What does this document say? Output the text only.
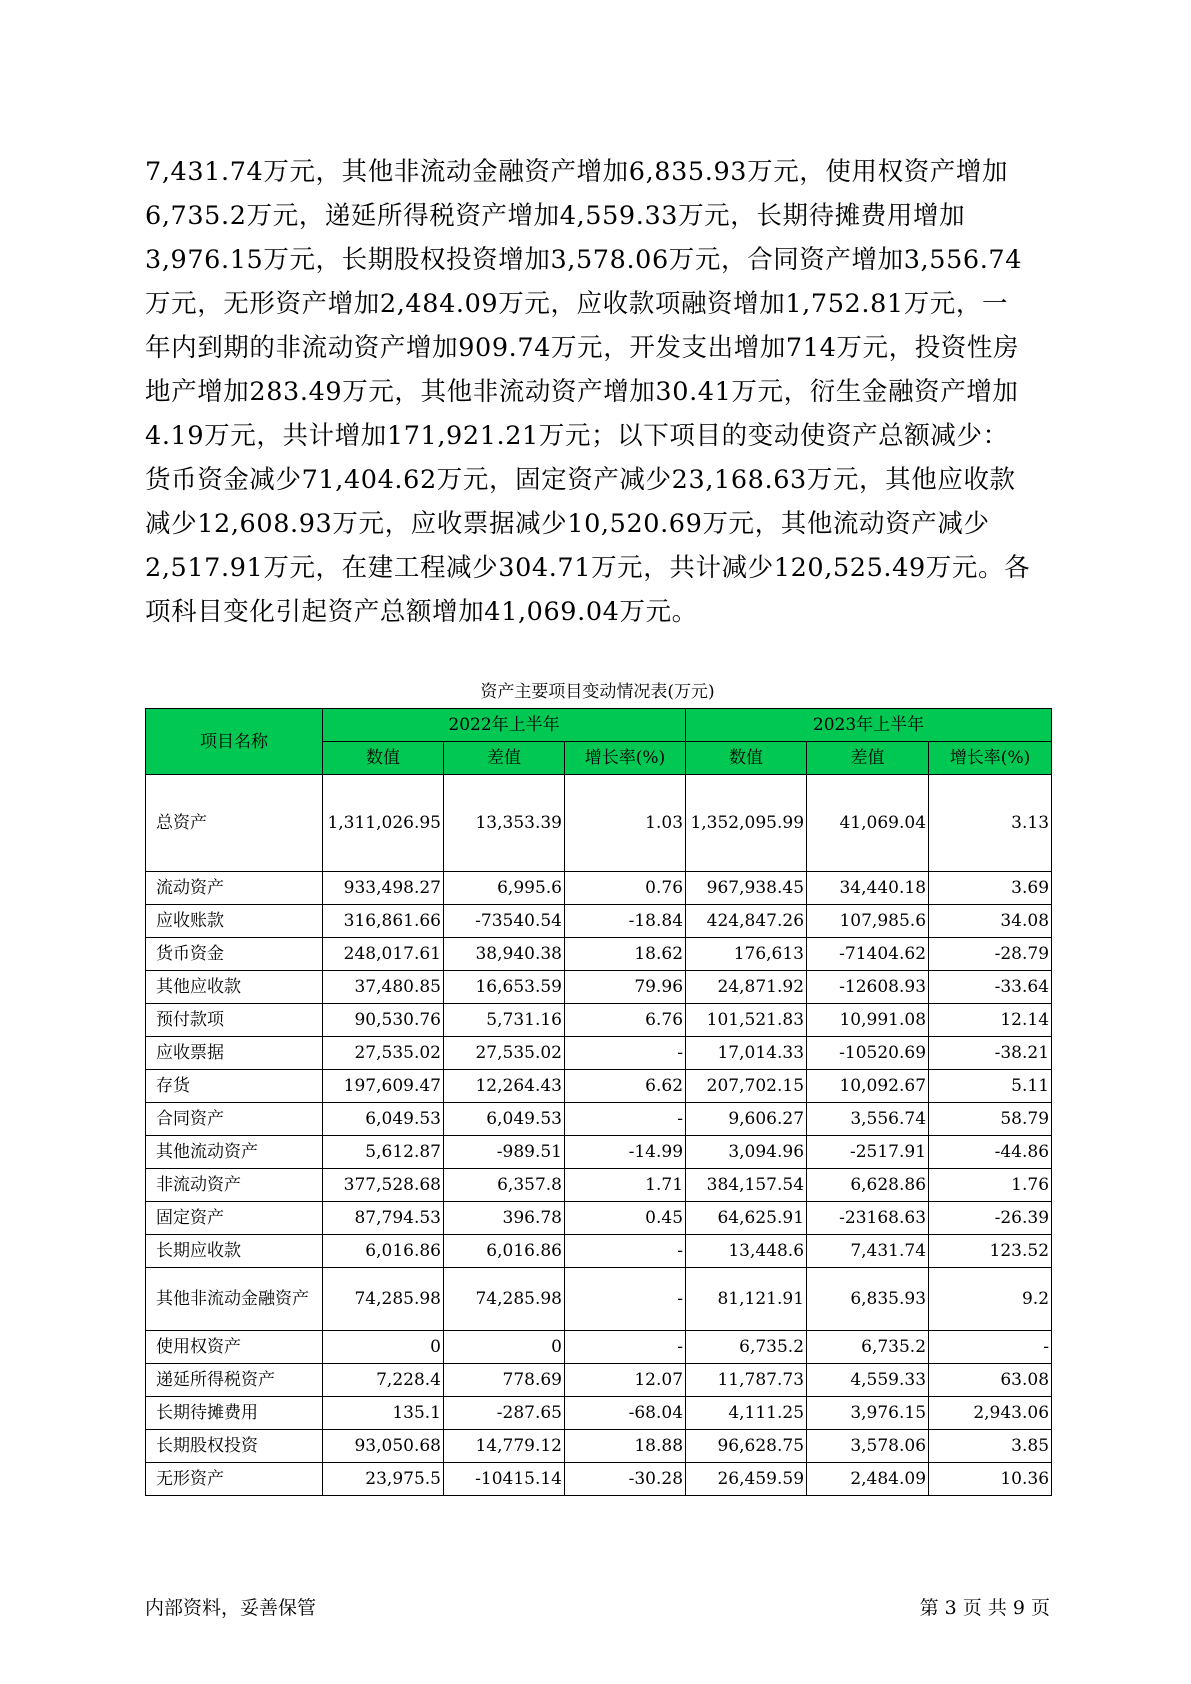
7,431.74万元，其他非流动金融资产增加6,835.93万元，使用权资产增加
6,735.2万元，递延所得税资产增加4,559.33万元，长期待摊费用增加
3,976.15万元，长期股权投资增加3,578.06万元，合同资产增加3,556.74
万元，无形资产增加2,484.09万元，应收款项融资增加1,752.81万元，一
年内到期的非流动资产增加909.74万元，开发支出增加714万元，投资性房
地产增加283.49万元，其他非流动资产增加30.41万元，衍生金融资产增加
4.19万元，共计增加171,921.21万元；以下项目的变动使资产总额减少：
货币资金减少71,404.62万元，固定资产减少23,168.63万元，其他应收款
减少12,608.93万元，应收票据减少10,520.69万元，其他流动资产减少
2,517.91万元，在建工程减少304.71万元，共计减少120,525.49万元。各
项科目变化引起资产总额增加41,069.04万元。
资产主要项目变动情况表(万元)
项目名称	2022年上半年			2023年上半年		
	数值	差值	增长率(%)	数值	差值	增长率(%)
总资产	1,311,026.95	13,353.39	1.03	1,352,095.99	41,069.04	3.13
流动资产	933,498.27	6,995.6	0.76	967,938.45	34,440.18	3.69
应收账款	316,861.66	-73540.54	-18.84	424,847.26	107,985.6	34.08
货币资金	248,017.61	38,940.38	18.62	176,613	-71404.62	-28.79
其他应收款	37,480.85	16,653.59	79.96	24,871.92	-12608.93	-33.64
预付款项	90,530.76	5,731.16	6.76	101,521.83	10,991.08	12.14
应收票据	27,535.02	27,535.02	-	17,014.33	-10520.69	-38.21
存货	197,609.47	12,264.43	6.62	207,702.15	10,092.67	5.11
合同资产	6,049.53	6,049.53	-	9,606.27	3,556.74	58.79
其他流动资产	5,612.87	-989.51	-14.99	3,094.96	-2517.91	-44.86
非流动资产	377,528.68	6,357.8	1.71	384,157.54	6,628.86	1.76
固定资产	87,794.53	396.78	0.45	64,625.91	-23168.63	-26.39
长期应收款	6,016.86	6,016.86	-	13,448.6	7,431.74	123.52
其他非流动金融资产	74,285.98	74,285.98	-	81,121.91	6,835.93	9.2
使用权资产	0	0	-	6,735.2	6,735.2	-
递延所得税资产	7,228.4	778.69	12.07	11,787.73	4,559.33	63.08
长期待摊费用	135.1	-287.65	-68.04	4,111.25	3,976.15	2,943.06
长期股权投资	93,050.68	14,779.12	18.88	96,628.75	3,578.06	3.85
无形资产	23,975.5	-10415.14	-30.28	26,459.59	2,484.09	10.36
内部资料，妥善保管	第 3 页 共 9 页
